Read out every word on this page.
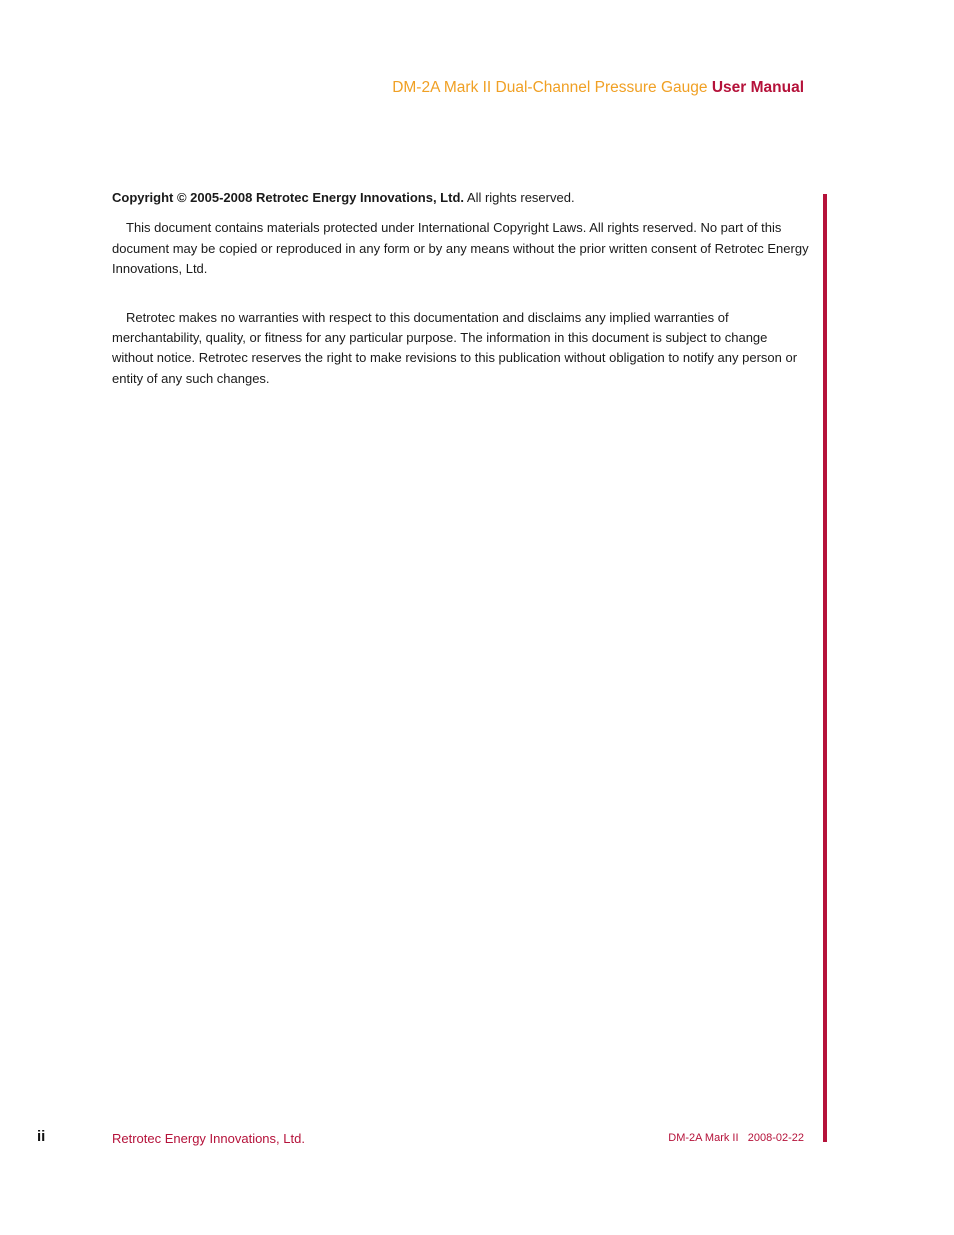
DM-2A Mark II Dual-Channel Pressure Gauge User Manual

Copyright © 2005-2008 Retrotec Energy Innovations, Ltd. All rights reserved.

This document contains materials protected under International Copyright Laws. All rights reserved. No part of this document may be copied or reproduced in any form or by any means without the prior written consent of Retrotec Energy Innovations, Ltd.

Retrotec makes no warranties with respect to this documentation and disclaims any implied warranties of merchantability, quality, or fitness for any particular purpose. The information in this document is subject to change without notice. Retrotec reserves the right to make revisions to this publication without obligation to notify any person or entity of any such changes.

ii	Retrotec Energy Innovations, Ltd.	DM-2A Mark II 2008-02-22
